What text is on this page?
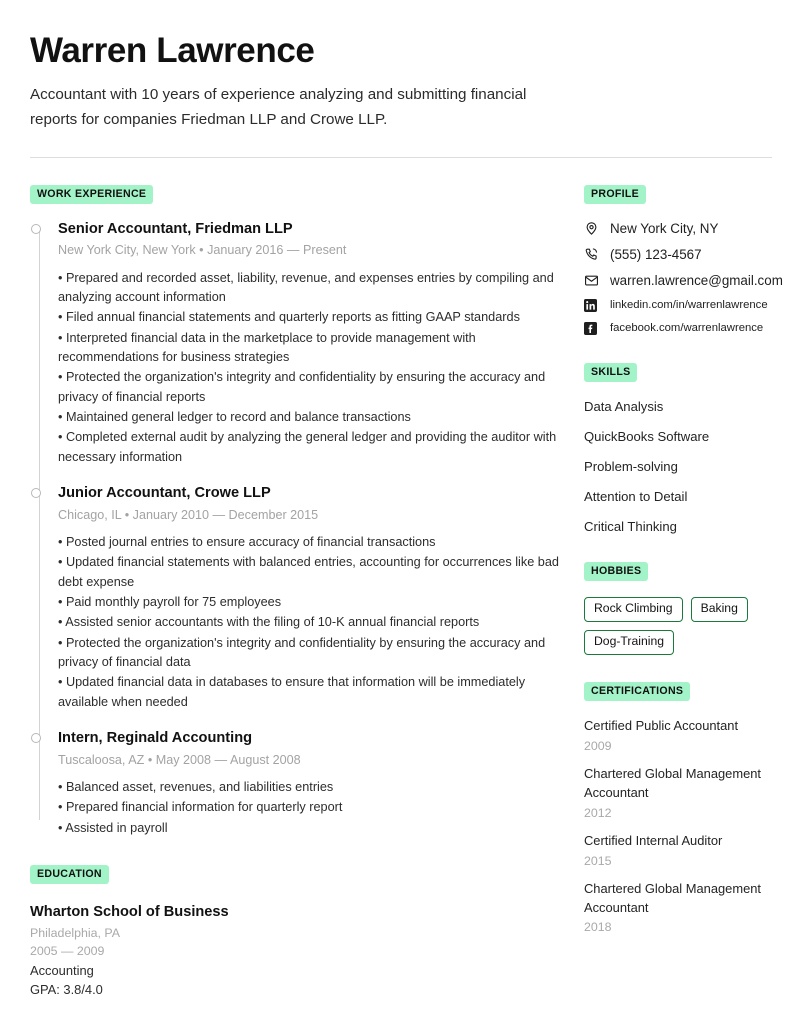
Warren Lawrence
Accountant with 10 years of experience analyzing and submitting financial reports for companies Friedman LLP and Crowe LLP.
WORK EXPERIENCE
Senior Accountant, Friedman LLP
New York City, New York • January 2016 — Present
• Prepared and recorded asset, liability, revenue, and expenses entries by compiling and analyzing account information
• Filed annual financial statements and quarterly reports as fitting GAAP standards
• Interpreted financial data in the marketplace to provide management with recommendations for business strategies
• Protected the organization's integrity and confidentiality by ensuring the accuracy and privacy of financial reports
• Maintained general ledger to record and balance transactions
• Completed external audit by analyzing the general ledger and providing the auditor with necessary information
Junior Accountant, Crowe LLP
Chicago, IL • January 2010 — December 2015
• Posted journal entries to ensure accuracy of financial transactions
• Updated financial statements with balanced entries, accounting for occurrences like bad debt expense
• Paid monthly payroll for 75 employees
• Assisted senior accountants with the filing of 10-K annual financial reports
• Protected the organization's integrity and confidentiality by ensuring the accuracy and privacy of financial data
• Updated financial data in databases to ensure that information will be immediately available when needed
Intern, Reginald Accounting
Tuscaloosa, AZ • May 2008 — August 2008
• Balanced asset, revenues, and liabilities entries
• Prepared financial information for quarterly report
• Assisted in payroll
EDUCATION
Wharton School of Business
Philadelphia, PA
2005 — 2009
Accounting
GPA: 3.8/4.0
PROFILE
New York City, NY
(555) 123-4567
warren.lawrence@gmail.com
linkedin.com/in/warrenlawrence
facebook.com/warrenlawrence
SKILLS
Data Analysis
QuickBooks Software
Problem-solving
Attention to Detail
Critical Thinking
HOBBIES
Rock Climbing	Baking
Dog-Training
CERTIFICATIONS
Certified Public Accountant
2009
Chartered Global Management Accountant
2012
Certified Internal Auditor
2015
Chartered Global Management Accountant
2018
